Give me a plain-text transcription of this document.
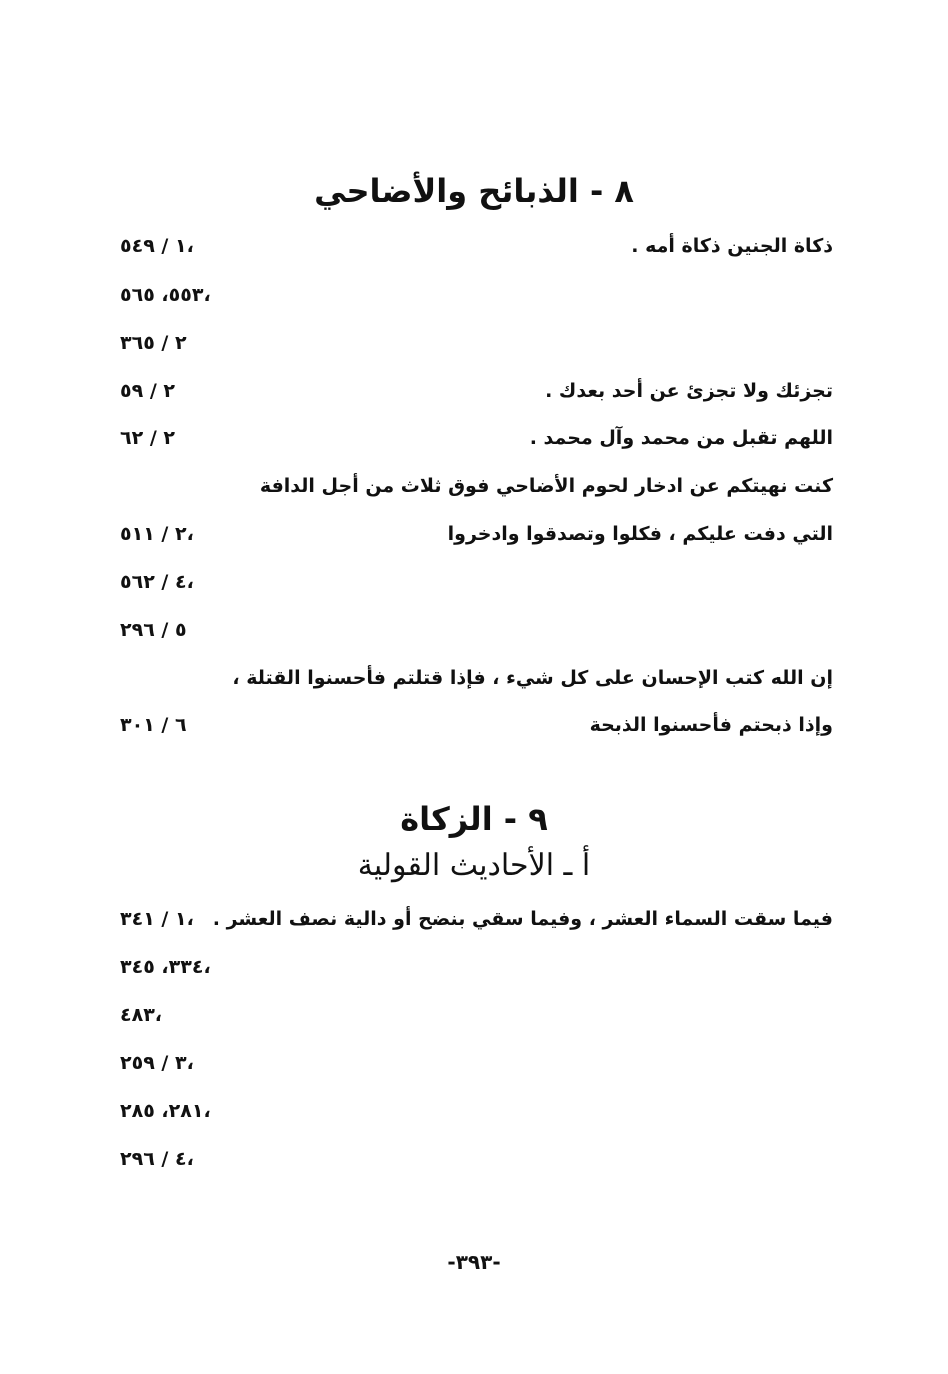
٨ - الذبائح والأضاحي
ذكاة الجنين ذكاة أمه .
١ / ٥٤٩،
٥٥٣، ٥٦٥،
٢ / ٣٦٥
تجزئك ولا تجزئ عن أحد بعدك .
٢ / ٥٩
اللهم تقبل من محمد وآل محمد .
٢ / ٦٢
كنت نهيتكم عن ادخار لحوم الأضاحي فوق ثلاث من أجل الدافة
التي دفت عليكم ، فكلوا وتصدقوا وادخروا
٢ / ٥١١،
٤ / ٥٦٢،
٥ / ٢٩٦
إن الله كتب الإحسان على كل شيء ، فإذا قتلتم فأحسنوا القتلة ،
وإذا ذبحتم فأحسنوا الذبحة
٦ / ٣٠١
٩ - الزكاة
أ ـ الأحاديث القولية
فيما سقت السماء العشر ، وفيما سقي بنضح أو دالية نصف العشر .
١ / ٣٤١،
٣٣٤، ٣٤٥،
٤٨٣،
٣ / ٢٥٩،
٢٨١، ٢٨٥،
٤ / ٢٩٦،
-٣٩٣-
